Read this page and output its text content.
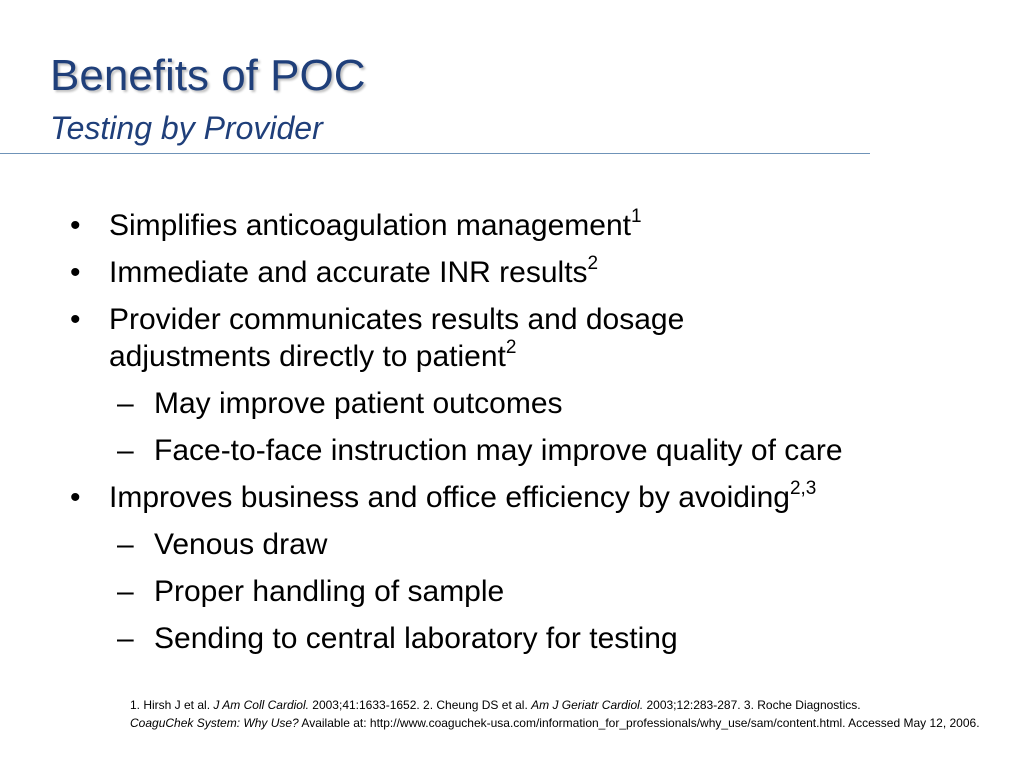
Benefits of POC
Testing by Provider
• Simplifies anticoagulation management$^1$
• Immediate and accurate INR results$^2$
• Provider communicates results and dosage adjustments directly to patient$^2$
– May improve patient outcomes
– Face-to-face instruction may improve quality of care
• Improves business and office efficiency by avoiding$^{2,3}$
– Venous draw
– Proper handling of sample
– Sending to central laboratory for testing
1. Hirsh J et al. J Am Coll Cardiol. 2003;41:1633-1652. 2. Cheung DS et al. Am J Geriatr Cardiol. 2003;12:283-287. 3. Roche Diagnostics.
CoaguChek System: Why Use? Available at: http://www.coaguchek-usa.com/information_for_professionals/why_use/sam/content.html. Accessed May 12, 2006.
